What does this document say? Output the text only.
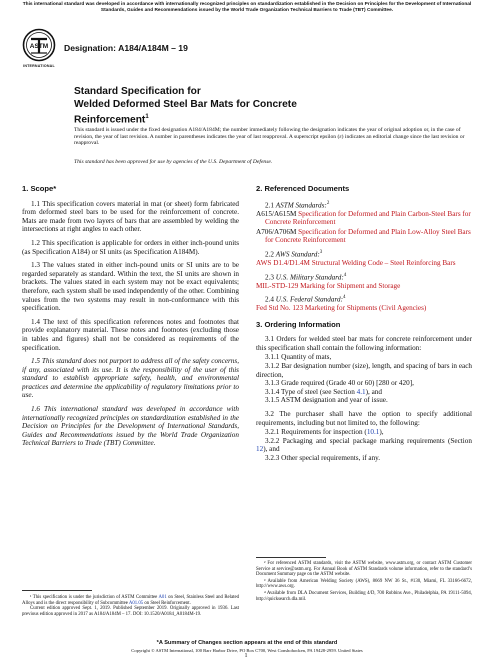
This international standard was developed in accordance with internationally recognized principles on standardization established in the Decision on Principles for the Development of International Standards, Guides and Recommendations issued by the World Trade Organization Technical Barriers to Trade (TBT) Committee.
ASTM
INTERNATIONAL
Designation: A184/A184M – 19
Standard Specification for
Welded Deformed Steel Bar Mats for Concrete
Reinforcement$^1$
This standard is issued under the fixed designation A184/A184M; the number immediately following the designation indicates the year of original adoption or, in the case of revision, the year of last revision. A number in parentheses indicates the year of last reapproval. A superscript epsilon (ε) indicates an editorial change since the last revision or reapproval.
This standard has been approved for use by agencies of the U.S. Department of Defense.
1. Scope*

1.1 This specification covers material in mat (or sheet) form fabricated from deformed steel bars to be used for the reinforcement of concrete. Mats are made from two layers of bars that are assembled by welding the intersections at right angles to each other.

1.2 This specification is applicable for orders in either inch-pound units (as Specification A184) or SI units (as Specification A184M).

1.3 The values stated in either inch-pound units or SI units are to be regarded separately as standard. Within the text, the SI units are shown in brackets. The values stated in each system may not be exact equivalents; therefore, each system shall be used independently of the other. Combining values from the two systems may result in non-conformance with this specification.

1.4 The text of this specification references notes and footnotes that provide explanatory material. These notes and footnotes (excluding those in tables and figures) shall not be considered as requirements of the specification.

1.5 This standard does not purport to address all of the safety concerns, if any, associated with its use. It is the responsibility of the user of this standard to establish appropriate safety, health, and environmental practices and determine the applicability of regulatory limitations prior to use.

1.6 This international standard was developed in accordance with internationally recognized principles on standardization established in the Decision on Principles for the Development of International Standards, Guides and Recommendations issued by the World Trade Organization Technical Barriers to Trade (TBT) Committee.

¹ This specification is under the jurisdiction of ASTM Committee A01 on Steel, Stainless Steel and Related Alloys and is the direct responsibility of Subcommittee A01.05 on Steel Reinforcement.

Current edition approved Sept. 1, 2019. Published September 2019. Originally approved in 1936. Last previous edition approved in 2017 as A184/A184M – 17. DOI: 10.1520/A0184_A0184M-19.

2. Referenced Documents

2.1 ASTM Standards:$^2$

A615/A615M Specification for Deformed and Plain Carbon-Steel Bars for Concrete Reinforcement

A706/A706M Specification for Deformed and Plain Low-Alloy Steel Bars for Concrete Reinforcement

2.2 AWS Standard:$^3$

AWS D1.4/D1.4M Structural Welding Code – Steel Reinforcing Bars

2.3 U.S. Military Standard:$^4$

MIL-STD-129 Marking for Shipment and Storage

2.4 U.S. Federal Standard:$^4$

Fed Std No. 123 Marketing for Shipments (Civil Agencies)

3. Ordering Information

3.1 Orders for welded steel bar mats for concrete reinforcement under this specification shall contain the following information:

3.1.1 Quantity of mats,

3.1.2 Bar designation number (size), length, and spacing of bars in each direction,

3.1.3 Grade required (Grade 40 or 60) [280 or 420],

3.1.4 Type of steel (see Section 4.1), and

3.1.5 ASTM designation and year of issue.

3.2 The purchaser shall have the option to specify additional requirements, including but not limited to, the following:

3.2.1 Requirements for inspection (10.1),

3.2.2 Packaging and special package marking requirements (Section 12), and

3.2.3 Other special requirements, if any.

² For referenced ASTM standards, visit the ASTM website, www.astm.org, or contact ASTM Customer Service at service@astm.org. For Annual Book of ASTM Standards volume information, refer to the standard’s Document Summary page on the ASTM website.

³ Available from American Welding Society (AWS), 8669 NW 36 St., #130, Miami, FL 33166-6672, http://www.aws.org.

⁴ Available from DLA Document Services, Building 4/D, 700 Robbins Ave., Philadelphia, PA 19111-5094, http://quicksearch.dla.mil.

*A Summary of Changes section appears at the end of this standard
Copyright © ASTM International, 100 Barr Harbor Drive, PO Box C700, West Conshohocken, PA 19428-2959. United States
1
